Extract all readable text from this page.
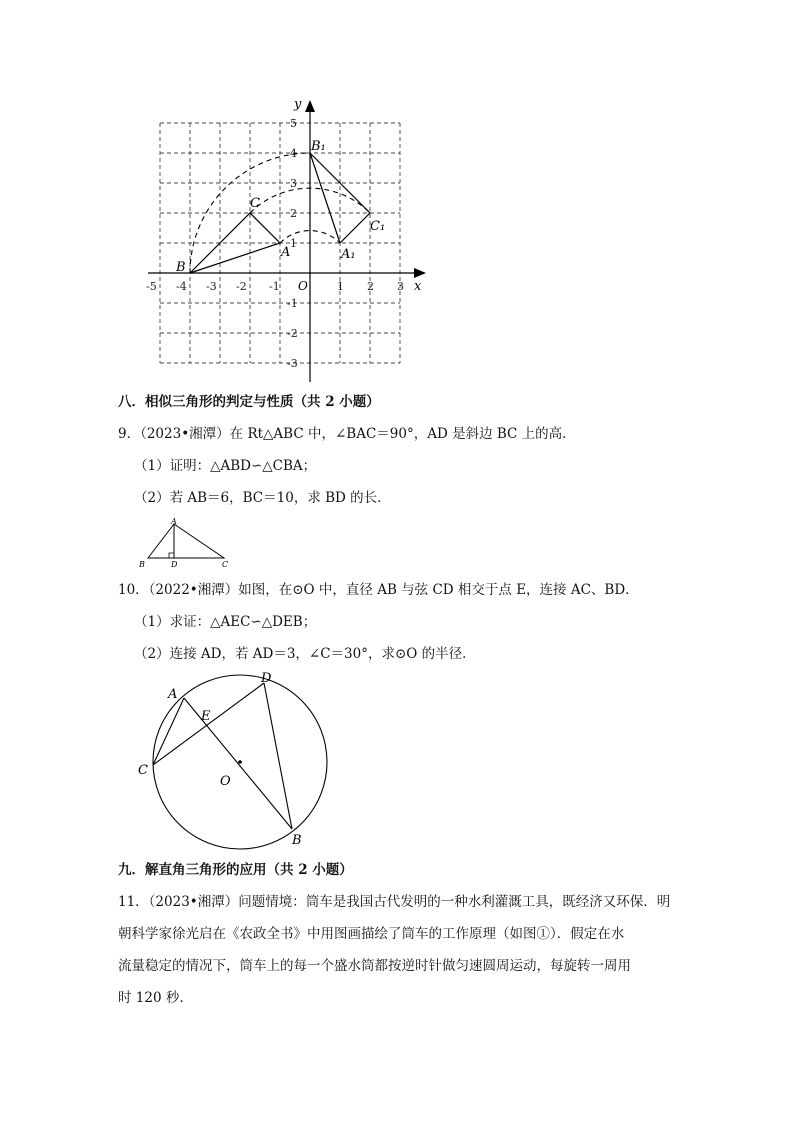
x
y
O
-5 -4 -3 -2 -1	1 2 3
5
4
3
2
1
-1
-2
-3
B
C
A
B₁
C₁
A₁
八．相似三角形的判定与性质（共 2 小题）
9．（2023•湘潭）在 Rt△ABC 中，∠BAC＝90°，AD 是斜边 BC 上的高．
（1）证明：△ABD∽△CBA；
（2）若 AB＝6，BC＝10，求 BD 的长．
A
B	D	C
10．（2022•湘潭）如图，在⊙O 中，直径 AB 与弦 CD 相交于点 E，连接 AC、BD．
（1）求证：△AEC∽△DEB；
（2）连接 AD，若 AD＝3，∠C＝30°，求⊙O 的半径．
A
D
E
C
O
B
九．解直角三角形的应用（共 2 小题）
11．（2023•湘潭）问题情境：筒车是我国古代发明的一种水利灌溉工具，既经济又环保．明
朝科学家徐光启在《农政全书》中用图画描绘了筒车的工作原理（如图①）．假定在水
流量稳定的情况下，筒车上的每一个盛水筒都按逆时针做匀速圆周运动，每旋转一周用
时 120 秒．
